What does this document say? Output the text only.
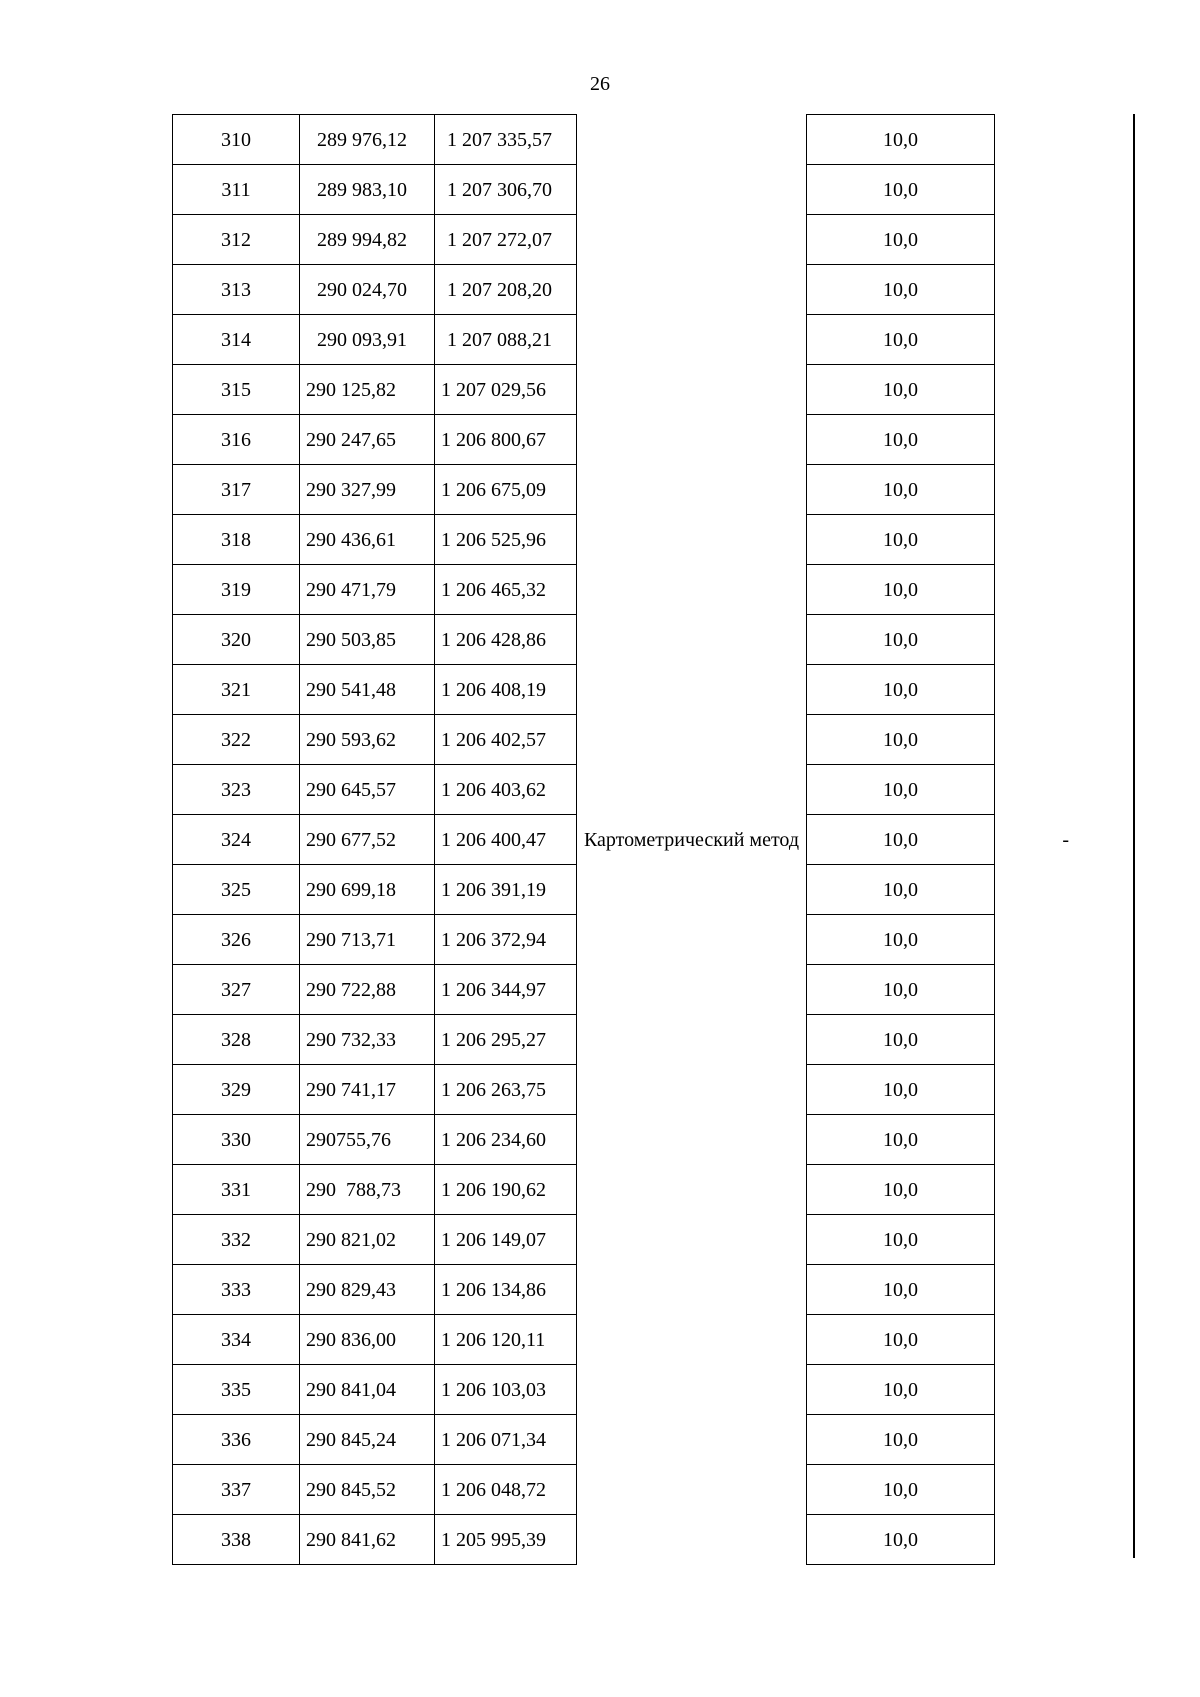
26
310	289 976,12	1 207 335,57	Картометрический метод	10,0	-
311	289 983,10	1 207 306,70		10,0	
312	289 994,82	1 207 272,07		10,0	
313	290 024,70	1 207 208,20		10,0	
314	290 093,91	1 207 088,21		10,0	
315	290 125,82	1 207 029,56		10,0	
316	290 247,65	1 206 800,67		10,0	
317	290 327,99	1 206 675,09		10,0	
318	290 436,61	1 206 525,96		10,0	
319	290 471,79	1 206 465,32		10,0	
320	290 503,85	1 206 428,86		10,0	
321	290 541,48	1 206 408,19		10,0	
322	290 593,62	1 206 402,57		10,0	
323	290 645,57	1 206 403,62		10,0	
324	290 677,52	1 206 400,47		10,0	
325	290 699,18	1 206 391,19		10,0	
326	290 713,71	1 206 372,94		10,0	
327	290 722,88	1 206 344,97		10,0	
328	290 732,33	1 206 295,27		10,0	
329	290 741,17	1 206 263,75		10,0	
330	290755,76	1 206 234,60		10,0	
331	290  788,73	1 206 190,62		10,0	
332	290 821,02	1 206 149,07		10,0	
333	290 829,43	1 206 134,86		10,0	
334	290 836,00	1 206 120,11		10,0	
335	290 841,04	1 206 103,03		10,0	
336	290 845,24	1 206 071,34		10,0	
337	290 845,52	1 206 048,72		10,0	
338	290 841,62	1 205 995,39		10,0	
